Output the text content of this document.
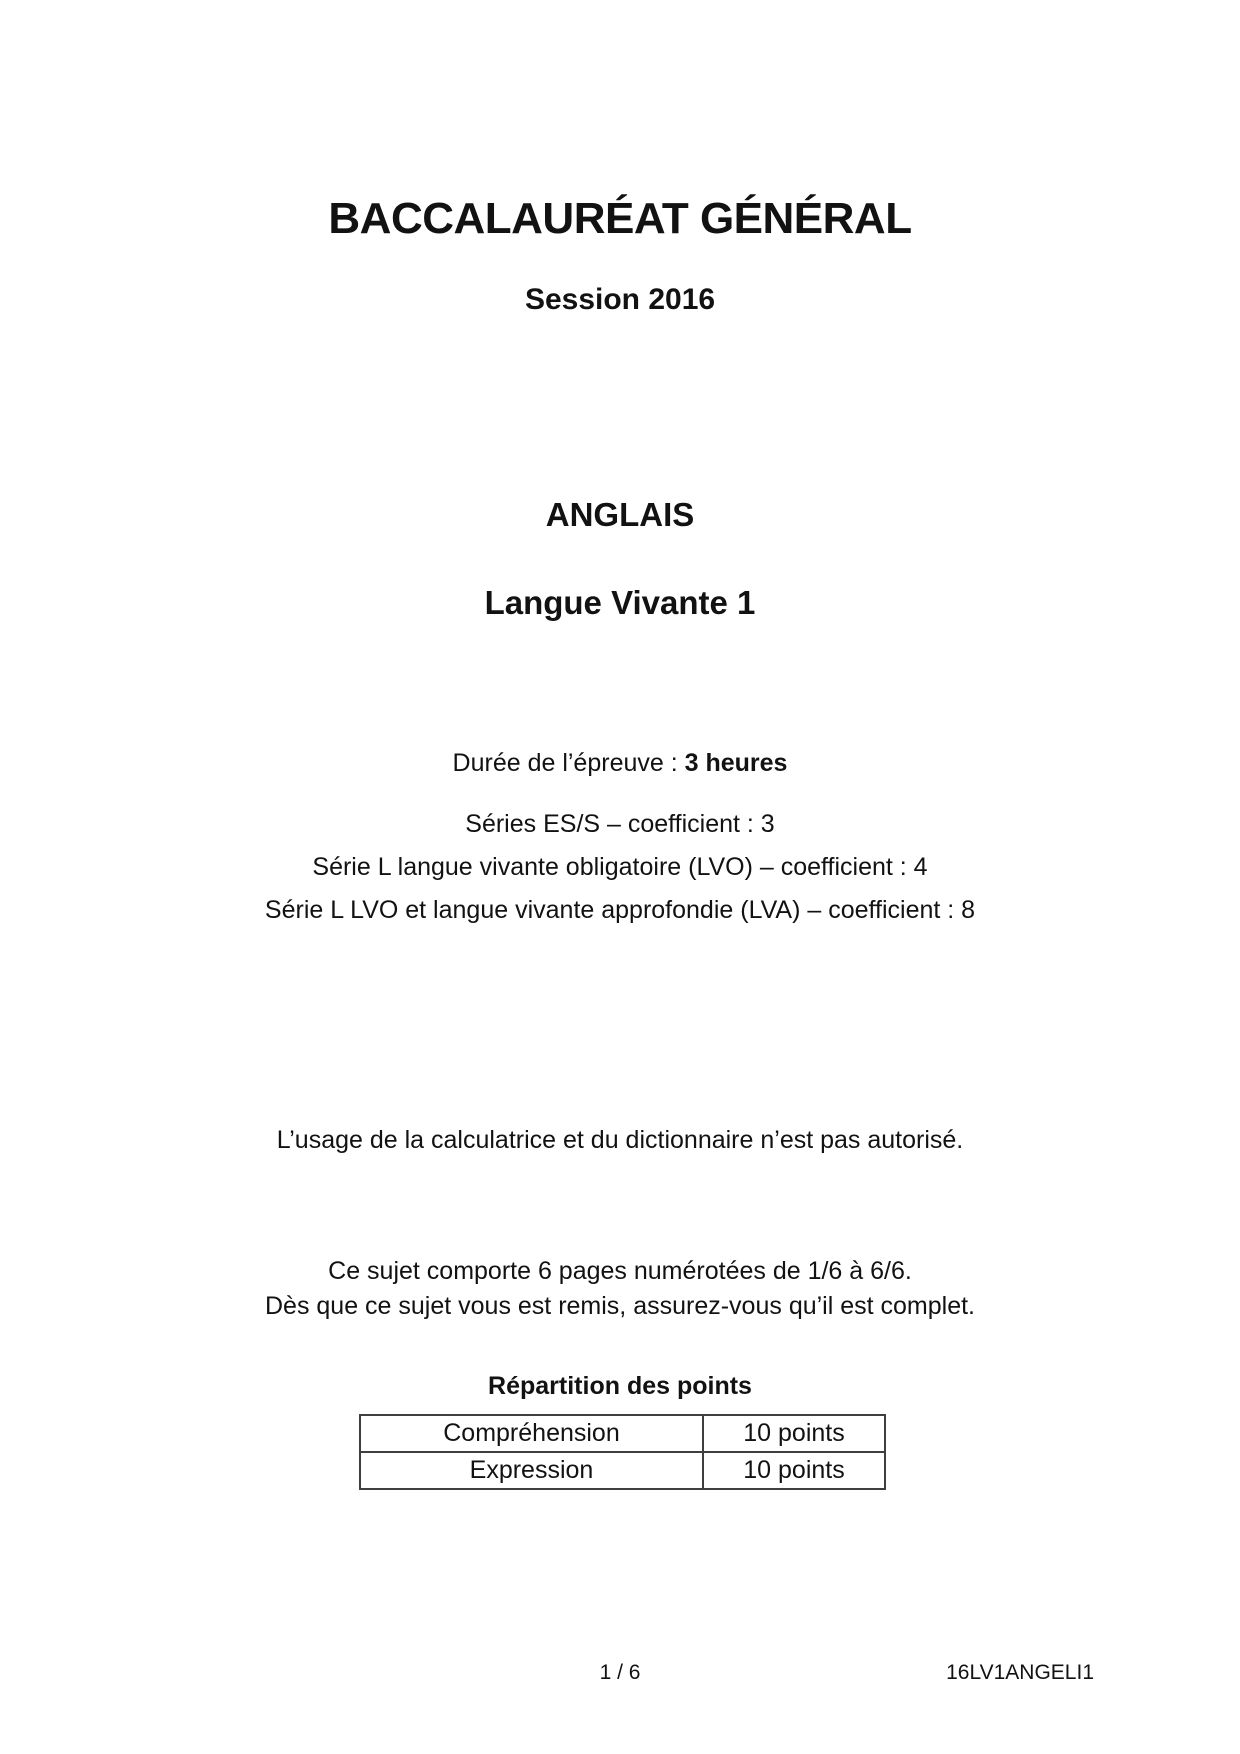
BACCALAURÉAT GÉNÉRAL
Session 2016
ANGLAIS
Langue Vivante 1
Durée de l’épreuve : 3 heures
Séries ES/S – coefficient : 3
Série L langue vivante obligatoire (LVO) – coefficient : 4
Série L LVO et langue vivante approfondie (LVA) – coefficient : 8
L’usage de la calculatrice et du dictionnaire n’est pas autorisé.
Ce sujet comporte 6 pages numérotées de 1/6 à 6/6.
Dès que ce sujet vous est remis, assurez-vous qu’il est complet.
Répartition des points
Compréhension	10 points
Expression	10 points
1 / 6	16LV1ANGELI1
